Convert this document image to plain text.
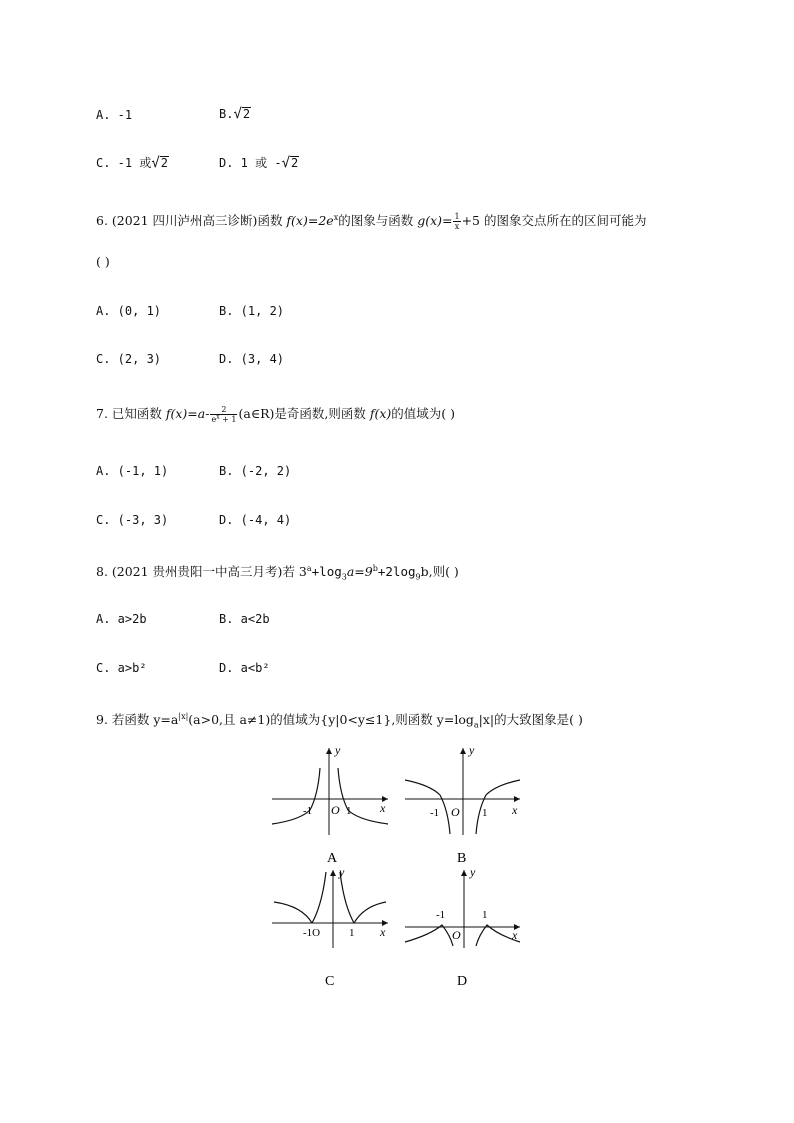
A. -1	B.√2
C. -1 或√2	D. 1 或 -√2
6. (2021 四川泸州高三诊断)函数 $f(x)=2e^x$的图象与函数 $g(x)= \frac{1}{x} +5$ 的图象交点所在的区间可能为
( )
A. (0, 1)	B. (1, 2)
C. (2, 3)	D. (3, 4)
7. 已知函数 $f(x)=a- \frac{2}{e^x + 1}$ (a∈R)是奇函数,则函数 f(x)的值域为( )
A. (-1, 1)	B. (-2, 2)
C. (-3, 3)	D. (-4, 4)
8. (2021 贵州贵阳一中高三月考)若 $3^a+\log_3a=9^b+2\log_9b$,则( )
A. a>2b	B. a<2b
C. a>b²	D. a<b²
9. 若函数 $y=a^{|x|}(a>0$,且 a≠1)的值域为{y|0<y≤1},则函数 $y=\log_a|x|$的大致图象是( )
y
x
-1 O 1
A
y
x
-1 O 1
B
y
x
-1O	1
C
y
x
-1
O
1
D
